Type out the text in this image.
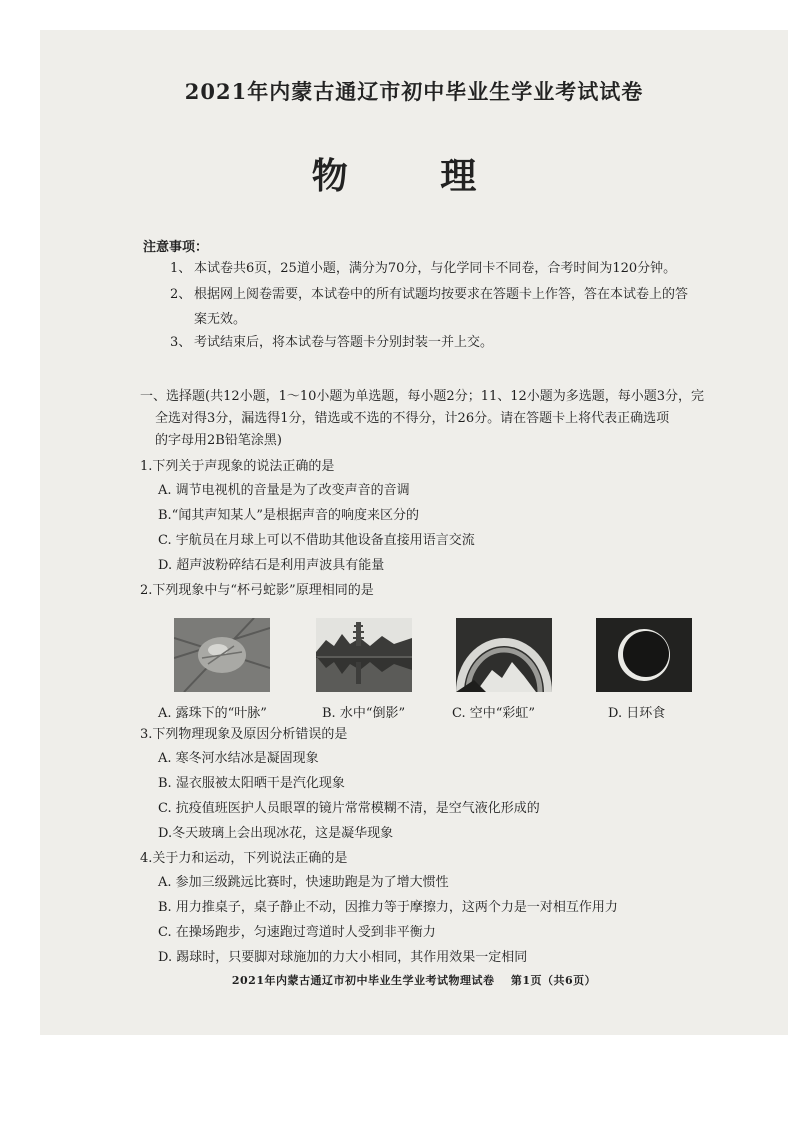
2021年内蒙古通辽市初中毕业生学业考试试卷
物 理
注意事项：
1、 本试卷共6页，25道小题，满分为70分，与化学同卡不同卷，合考时间为120分钟。
2、 根据网上阅卷需要，本试卷中的所有试题均按要求在答题卡上作答，答在本试卷上的答
案无效。
3、 考试结束后，将本试卷与答题卡分别封装一并上交。
一、选择题(共12小题，1～10小题为单选题，每小题2分；11、12小题为多选题，每小题3分，完

全选对得3分，漏选得1分，错选或不选的不得分，计26分。请在答题卡上将代表正确选项
的字母用2B铅笔涂黑)
1.下列关于声现象的说法正确的是
A. 调节电视机的音量是为了改变声音的音调
B.“闻其声知某人”是根据声音的响度来区分的
C. 宇航员在月球上可以不借助其他设备直接用语言交流
D. 超声波粉碎结石是利用声波具有能量
2.下列现象中与“杯弓蛇影”原理相同的是
A. 露珠下的“叶脉”	B. 水中“倒影”	C. 空中“彩虹”	D. 日环食
3.下列物理现象及原因分析错误的是
A. 寒冬河水结冰是凝固现象
B. 湿衣服被太阳晒干是汽化现象
C. 抗疫值班医护人员眼罩的镜片常常模糊不清，是空气液化形成的
D.冬天玻璃上会出现冰花，这是凝华现象
4.关于力和运动，下列说法正确的是
A. 参加三级跳远比赛时，快速助跑是为了增大惯性
B. 用力推桌子，桌子静止不动，因推力等于摩擦力，这两个力是一对相互作用力
C. 在操场跑步，匀速跑过弯道时人受到非平衡力
D. 踢球时，只要脚对球施加的力大小相同，其作用效果一定相同
2021年内蒙古通辽市初中毕业生学业考试物理试卷 第1页（共6页）
